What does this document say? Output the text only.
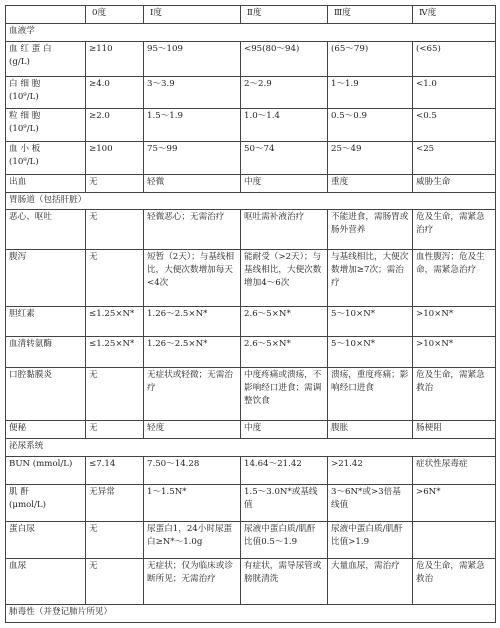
	0度	Ⅰ度	Ⅱ度	Ⅲ度	Ⅳ度
血液学					

血 红 蛋 白
(g/L)	≥110	95～109	<95(80～94)	(65～79)	(<65)

白 细 胞
(10⁹/L)	≥4.0	3～3.9	2～2.9	1～1.9	<1.0

粒 细 胞
(10⁹/L)	≥2.0	1.5～1.9	1.0～1.4	0.5～0.9	<0.5

血 小 板
(10⁹/L)	≥100	75～99	50～74	25～49	<25

出血	无	轻微	中度	重度	威胁生命

胃肠道（包括肝脏）					

恶心、呕吐	无	轻微恶心；无需治疗	呕吐需补液治疗	不能进食，需肠胃或肠外营养	危及生命，需紧急治疗

腹泻	无	短暂（2天）；与基线相比，大便次数增加每天<4次	能耐受（>2天）；与基线相比，大便次数增加4～6次	与基线相比，大便次数增加≥7次；需治疗	血性腹泻；危及生命，需紧急治疗

胆红素	≤1.25×N*	1.26～2.5×N*	2.6～5×N*	5～10×N*	>10×N*

血清转氨酶	≤1.25×N*	1.26～2.5×N*	2.6～5×N*	5～10×N*	>10×N*

口腔黏膜炎	无	无症状或轻微；无需治疗	中度疼痛或溃疡，不影响经口进食；需调整饮食	溃疡，重度疼痛；影响经口进食	危及生命，需紧急救治

便秘	无	轻度	中度	腹胀	肠梗阻

泌尿系统					

BUN (mmol/L)	≤7.14	7.50～14.28	14.64～21.42	>21.42	症状性尿毒症

肌 酐
(μmol/L)	无异常	1～1.5N*	1.5～3.0N*或基线值	3～6N*或>3倍基线值	>6N*

蛋白尿	无	尿蛋白1，24小时尿蛋白≥N*～1.0g	尿液中蛋白质/肌酐比值0.5～1.9	尿液中蛋白质/肌酐比值>1.9	

血尿	无	无症状；仅为临床或诊断所见；无需治疗	有症状，需导尿管或膀胱清洗	大量血尿，需治疗	危及生命，需紧急救治

肺毒性（并登记肺片所见）					
